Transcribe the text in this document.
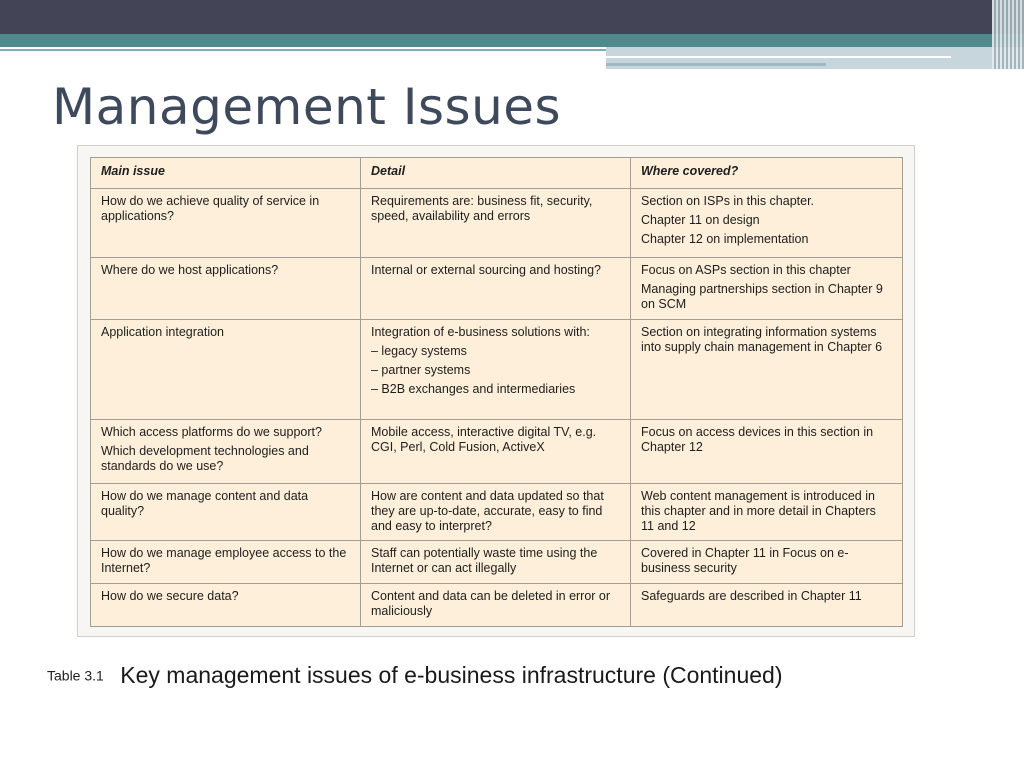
Management Issues
Main issue	Detail	Where covered?

How do we achieve quality of service in applications?	Requirements are: business fit, security, speed, availability and errors	Section on ISPs in this chapter.
Chapter 11 on design
Chapter 12 on implementation

Where do we host applications?	Internal or external sourcing and hosting?	Focus on ASPs section in this chapter
Managing partnerships section in Chapter 9 on SCM

Application integration	Integration of e-business solutions with:
– legacy systems
– partner systems
– B2B exchanges and intermediaries	Section on integrating information systems into supply chain management in Chapter 6

Which access platforms do we support?
Which development technologies and standards do we use?	Mobile access, interactive digital TV, e.g. CGI, Perl, Cold Fusion, ActiveX	Focus on access devices in this section in Chapter 12

How do we manage content and data quality?	How are content and data updated so that they are up-to-date, accurate, easy to find and easy to interpret?	Web content management is introduced in this chapter and in more detail in Chapters 11 and 12

How do we manage employee access to the Internet?	Staff can potentially waste time using the Internet or can act illegally	Covered in Chapter 11 in Focus on e-business security

How do we secure data?	Content and data can be deleted in error or maliciously	Safeguards are described in Chapter 11
Table 3.1 Key management issues of e-business infrastructure (Continued)
